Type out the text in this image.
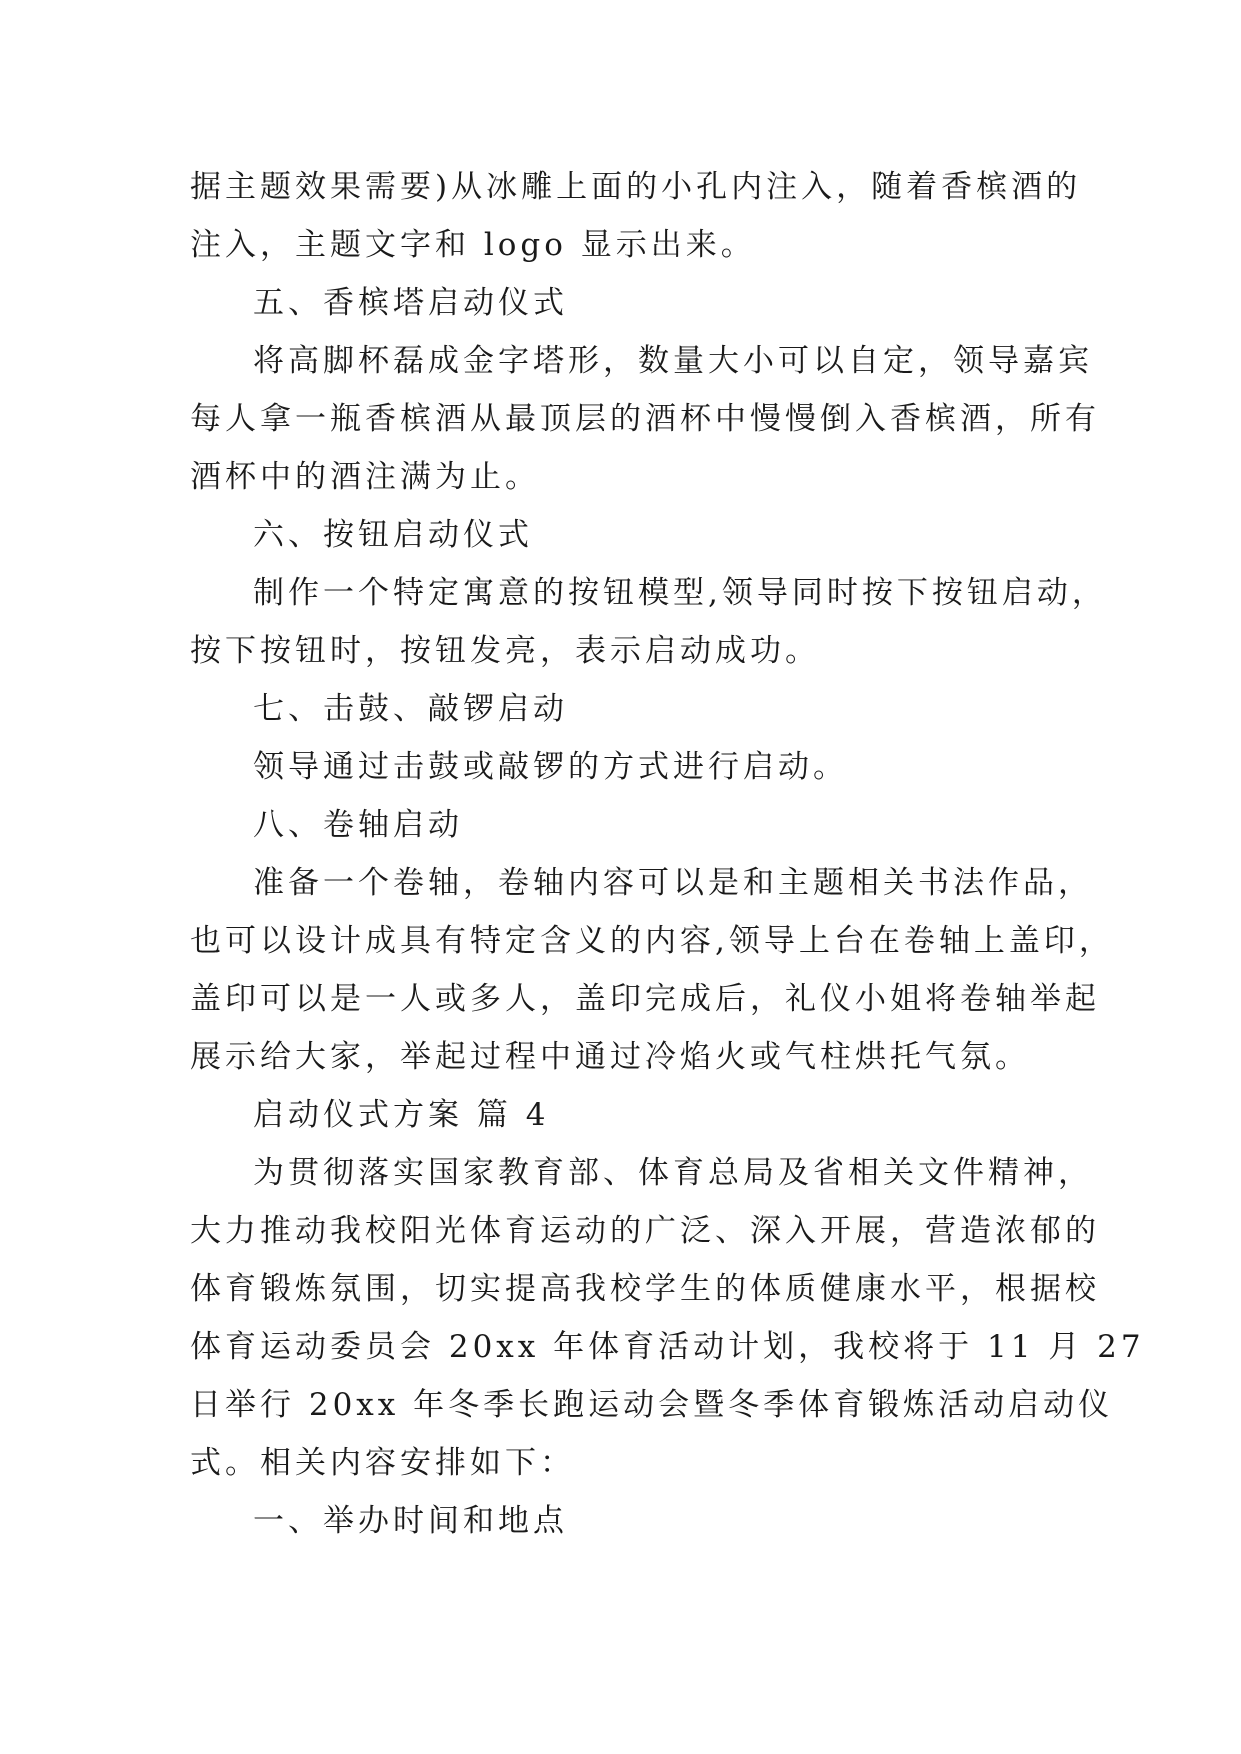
据主题效果需要)从冰雕上面的小孔内注入，随着香槟酒的
注入，主题文字和 logo 显示出来。
五、香槟塔启动仪式
将高脚杯磊成金字塔形，数量大小可以自定，领导嘉宾
每人拿一瓶香槟酒从最顶层的酒杯中慢慢倒入香槟酒，所有
酒杯中的酒注满为止。
六、按钮启动仪式
制作一个特定寓意的按钮模型,领导同时按下按钮启动，
按下按钮时，按钮发亮，表示启动成功。
七、击鼓、敲锣启动
领导通过击鼓或敲锣的方式进行启动。
八、卷轴启动
准备一个卷轴，卷轴内容可以是和主题相关书法作品，
也可以设计成具有特定含义的内容,领导上台在卷轴上盖印，
盖印可以是一人或多人，盖印完成后，礼仪小姐将卷轴举起
展示给大家，举起过程中通过冷焰火或气柱烘托气氛。
启动仪式方案 篇 4
为贯彻落实国家教育部、体育总局及省相关文件精神，
大力推动我校阳光体育运动的广泛、深入开展，营造浓郁的
体育锻炼氛围，切实提高我校学生的体质健康水平，根据校
体育运动委员会 20xx 年体育活动计划，我校将于 11 月 27
日举行 20xx 年冬季长跑运动会暨冬季体育锻炼活动启动仪
式。相关内容安排如下：
一、举办时间和地点
